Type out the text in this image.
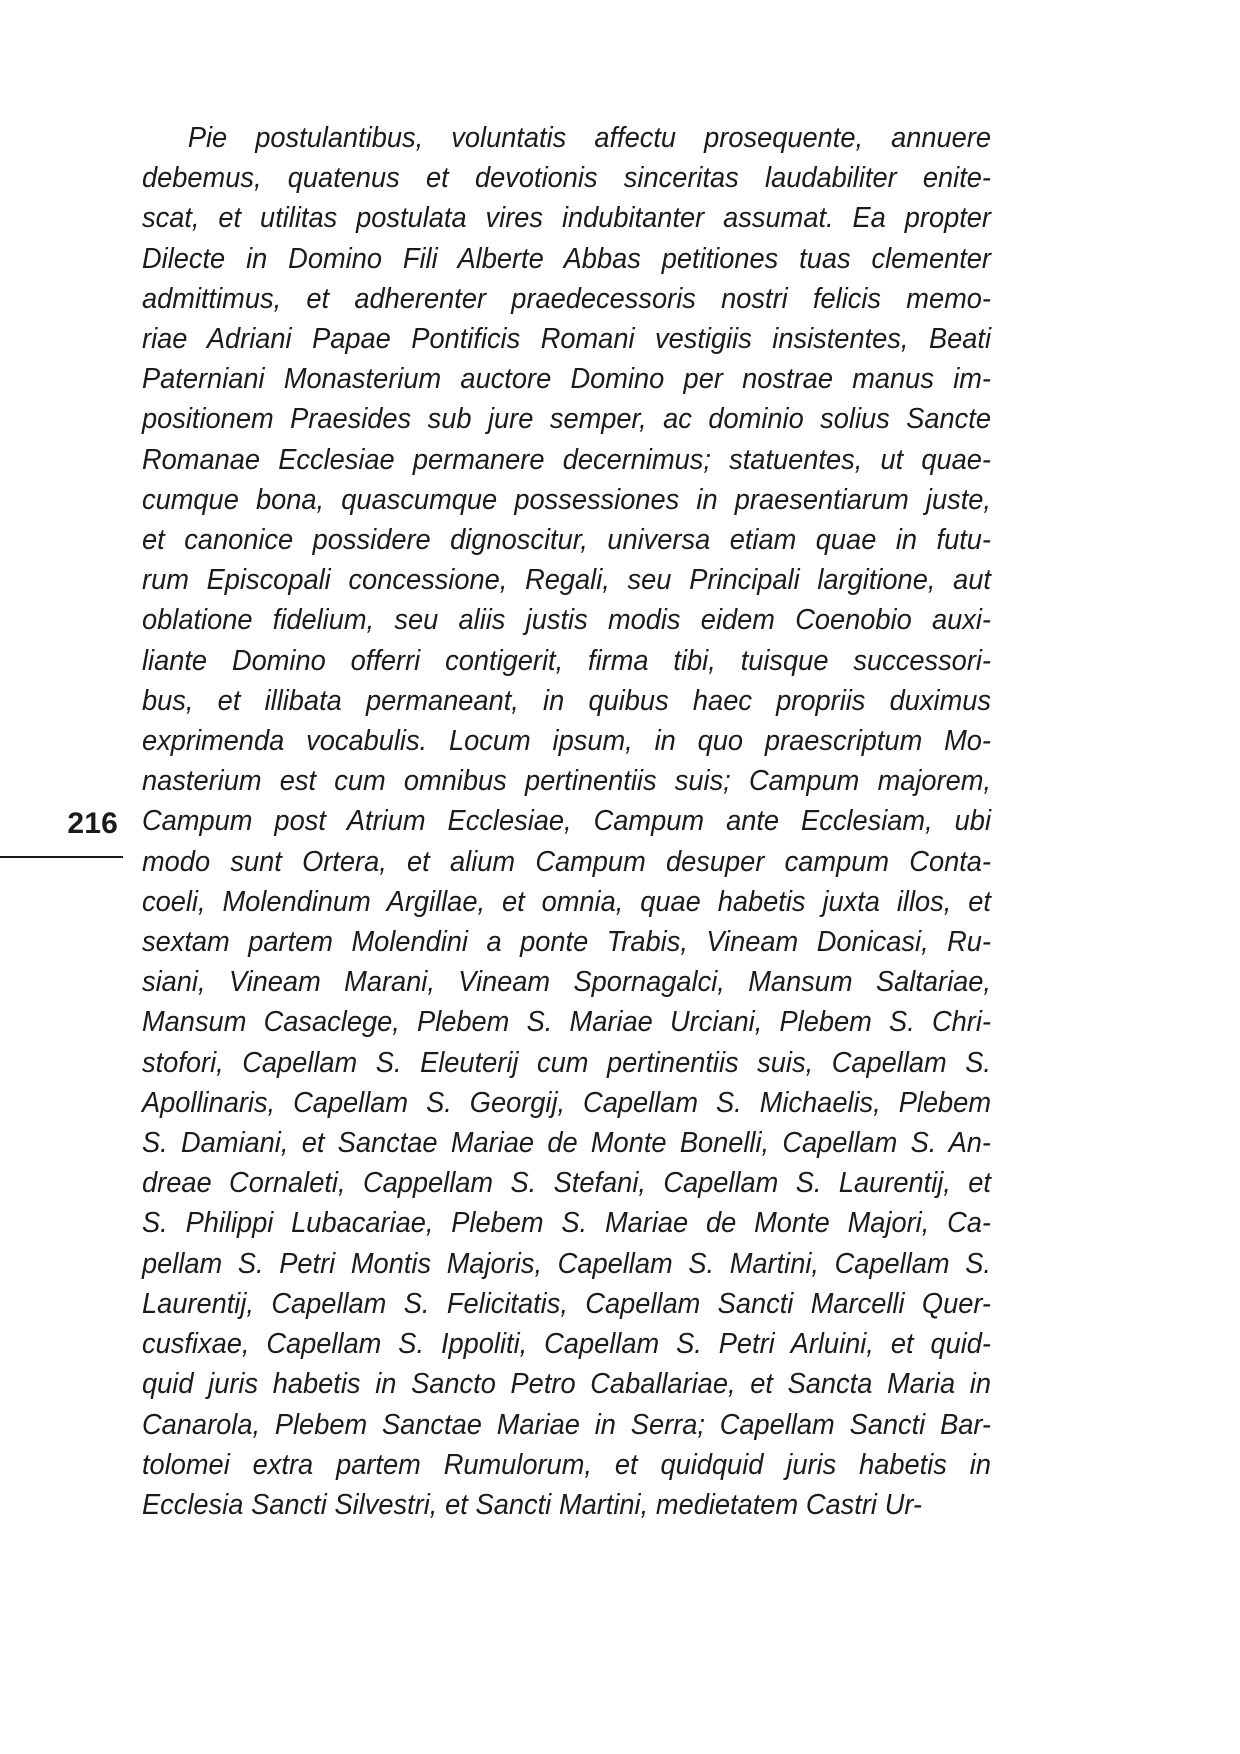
216
Pie postulantibus, voluntatis affectu prosequente, annuere
debemus, quatenus et devotionis sinceritas laudabiliter enite-
scat, et utilitas postulata vires indubitanter assumat. Ea propter
Dilecte in Domino Fili Alberte Abbas petitiones tuas clementer
admittimus, et adherenter praedecessoris nostri felicis memo-
riae Adriani Papae Pontificis Romani vestigiis insistentes, Beati
Paterniani Monasterium auctore Domino per nostrae manus im-
positionem Praesides sub jure semper, ac dominio solius Sancte
Romanae Ecclesiae permanere decernimus; statuentes, ut quae-
cumque bona, quascumque possessiones in praesentiarum juste,
et canonice possidere dignoscitur, universa etiam quae in futu-
rum Episcopali concessione, Regali, seu Principali largitione, aut
oblatione fidelium, seu aliis justis modis eidem Coenobio auxi-
liante Domino offerri contigerit, firma tibi, tuisque successori-
bus, et illibata permaneant, in quibus haec propriis duximus
exprimenda vocabulis. Locum ipsum, in quo praescriptum Mo-
nasterium est cum omnibus pertinentiis suis; Campum majorem,
Campum post Atrium Ecclesiae, Campum ante Ecclesiam, ubi
modo sunt Ortera, et alium Campum desuper campum Conta-
coeli, Molendinum Argillae, et omnia, quae habetis juxta illos, et
sextam partem Molendini a ponte Trabis, Vineam Donicasi, Ru-
siani, Vineam Marani, Vineam Spornagalci, Mansum Saltariae,
Mansum Casaclege, Plebem S. Mariae Urciani, Plebem S. Chri-
stofori, Capellam S. Eleuterij cum pertinentiis suis, Capellam S.
Apollinaris, Capellam S. Georgij, Capellam S. Michaelis, Plebem
S. Damiani, et Sanctae Mariae de Monte Bonelli, Capellam S. An-
dreae Cornaleti, Cappellam S. Stefani, Capellam S. Laurentij, et
S. Philippi Lubacariae, Plebem S. Mariae de Monte Majori, Ca-
pellam S. Petri Montis Majoris, Capellam S. Martini, Capellam S.
Laurentij, Capellam S. Felicitatis, Capellam Sancti Marcelli Quer-
cusfixae, Capellam S. Ippoliti, Capellam S. Petri Arluini, et quid-
quid juris habetis in Sancto Petro Caballariae, et Sancta Maria in
Canarola, Plebem Sanctae Mariae in Serra; Capellam Sancti Bar-
tolomei extra partem Rumulorum, et quidquid juris habetis in
Ecclesia Sancti Silvestri, et Sancti Martini, medietatem Castri Ur-
